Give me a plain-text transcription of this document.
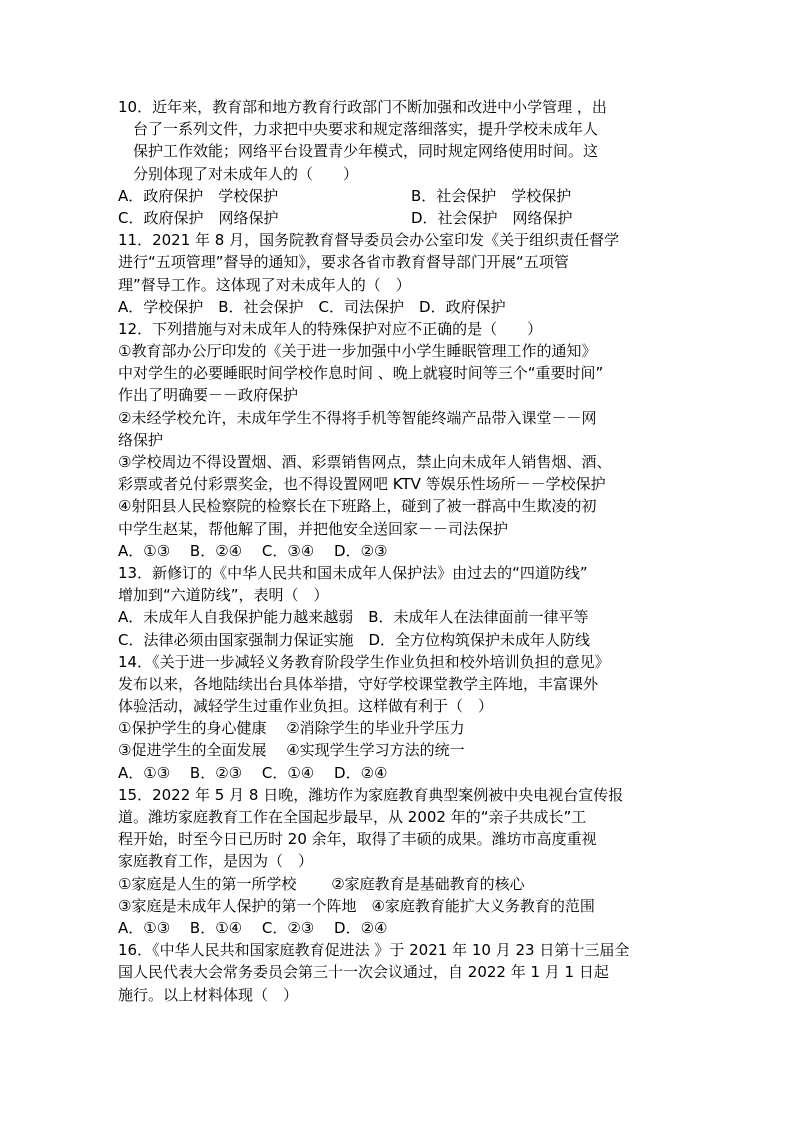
10．近年来，教育部和地方教育行政部门不断加强和改进中小学管理 ，出
台了一系列文件，力求把中央要求和规定落细落实，提升学校未成年人
保护工作效能；网络平台设置青少年模式，同时规定网络使用时间。这
分别体现了对未成年人的（　　）
A．政府保护　学校保护	B．社会保护　学校保护
C．政府保护　网络保护	D．社会保护　网络保护
11．2021 年 8 月，国务院教育督导委员会办公室印发《关于组织责任督学
进行“五项管理”督导的通知》，要求各省市教育督导部门开展“五项管
理”督导工作。这体现了对未成年人的（　）
A．学校保护　B．社会保护　C．司法保护　D．政府保护
12．下列措施与对未成年人的特殊保护对应不正确的是（　　）
①教育部办公厅印发的《关于进一步加强中小学生睡眠管理工作的通知》
中对学生的必要睡眠时间学校作息时间 、晚上就寝时间等三个“重要时间”
作出了明确要－－政府保护
②未经学校允许，未成年学生不得将手机等智能终端产品带入课堂－－网
络保护
③学校周边不得设置烟、酒、彩票销售网点，禁止向未成年人销售烟、酒、
彩票或者兑付彩票奖金，也不得设置网吧 KTV 等娱乐性场所－－学校保护
④射阳县人民检察院的检察长在下班路上，碰到了被一群高中生欺凌的初
中学生赵某，帮他解了围，并把他安全送回家－－司法保护
A．①③　 B．②④　 C．③④　 D．②③
13．新修订的《中华人民共和国未成年人保护法》由过去的“四道防线”
增加到“六道防线”，表明（　）
A．未成年人自我保护能力越来越弱　B．未成年人在法律面前一律平等
C．法律必须由国家强制力保证实施　D．全方位构筑保护未成年人防线
14．《关于进一步减轻义务教育阶段学生作业负担和校外培训负担的意见》
发布以来，各地陆续出台具体举措，守好学校课堂教学主阵地，丰富课外
体验活动，减轻学生过重作业负担。这样做有利于（　）
①保护学生的身心健康　 ②消除学生的毕业升学压力
③促进学生的全面发展　 ④实现学生学习方法的统一
A．①③　 B．②③　 C．①④　 D．②④
15．2022 年 5 月 8 日晚，潍坊作为家庭教育典型案例被中央电视台宣传报
道。潍坊家庭教育工作在全国起步最早，从 2002 年的“亲子共成长”工
程开始，时至今日已历时 20 余年，取得了丰硕的成果。潍坊市高度重视
家庭教育工作，是因为（　）
①家庭是人生的第一所学校　　 ②家庭教育是基础教育的核心
③家庭是未成年人保护的第一个阵地　④家庭教育能扩大义务教育的范围
A．①③　 B．①④　 C．②③　 D．②④
16．《中华人民共和国家庭教育促进法 》于 2021 年 10 月 23 日第十三届全
国人民代表大会常务委员会第三十一次会议通过，自 2022 年 1 月 1 日起
施行。以上材料体现（　）
